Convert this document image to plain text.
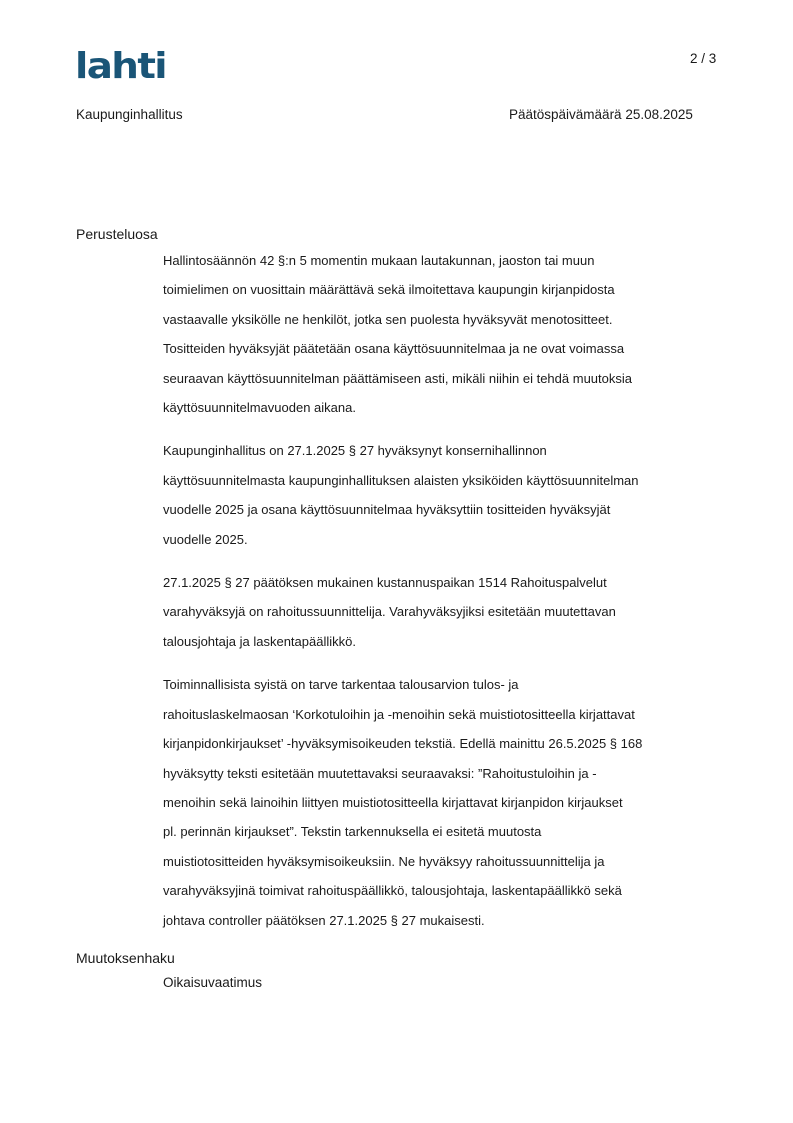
lahti	2 / 3
Kaupunginhallitus	Päätöspäivämäärä 25.08.2025
Perusteluosa
Hallintosäännön 42 §:n 5 momentin mukaan lautakunnan, jaoston tai muun
toimielimen on vuosittain määrättävä sekä ilmoitettava kaupungin kirjanpidosta
vastaavalle yksikölle ne henkilöt, jotka sen puolesta hyväksyvät menotositteet.
Tositteiden hyväksyjät päätetään osana käyttösuunnitelmaa ja ne ovat voimassa
seuraavan käyttösuunnitelman päättämiseen asti, mikäli niihin ei tehdä muutoksia
käyttösuunnitelmavuoden aikana.
Kaupunginhallitus on 27.1.2025 § 27 hyväksynyt konsernihallinnon
käyttösuunnitelmasta kaupunginhallituksen alaisten yksiköiden käyttösuunnitelman
vuodelle 2025 ja osana käyttösuunnitelmaa hyväksyttiin tositteiden hyväksyjät
vuodelle 2025.
27.1.2025 § 27 päätöksen mukainen kustannuspaikan 1514 Rahoituspalvelut
varahyväksyjä on rahoitussuunnittelija. Varahyväksyjiksi esitetään muutettavan
talousjohtaja ja laskentapäällikkö.
Toiminnallisista syistä on tarve tarkentaa talousarvion tulos- ja
rahoituslaskelmaosan ‘Korkotuloihin ja -menoihin sekä muistiotositteella kirjattavat
kirjanpidonkirjaukset’ -hyväksymisoikeuden tekstiä. Edellä mainittu 26.5.2025 § 168
hyväksytty teksti esitetään muutettavaksi seuraavaksi: ”Rahoitustuloihin ja -
menoihin sekä lainoihin liittyen muistiotositteella kirjattavat kirjanpidon kirjaukset
pl. perinnän kirjaukset”. Tekstin tarkennuksella ei esitetä muutosta
muistiotositteiden hyväksymisoikeuksiin. Ne hyväksyy rahoitussuunnittelija ja
varahyväksyjinä toimivat rahoituspäällikkö, talousjohtaja, laskentapäällikkö sekä
johtava controller päätöksen 27.1.2025 § 27 mukaisesti.
Muutoksenhaku
Oikaisuvaatimus
